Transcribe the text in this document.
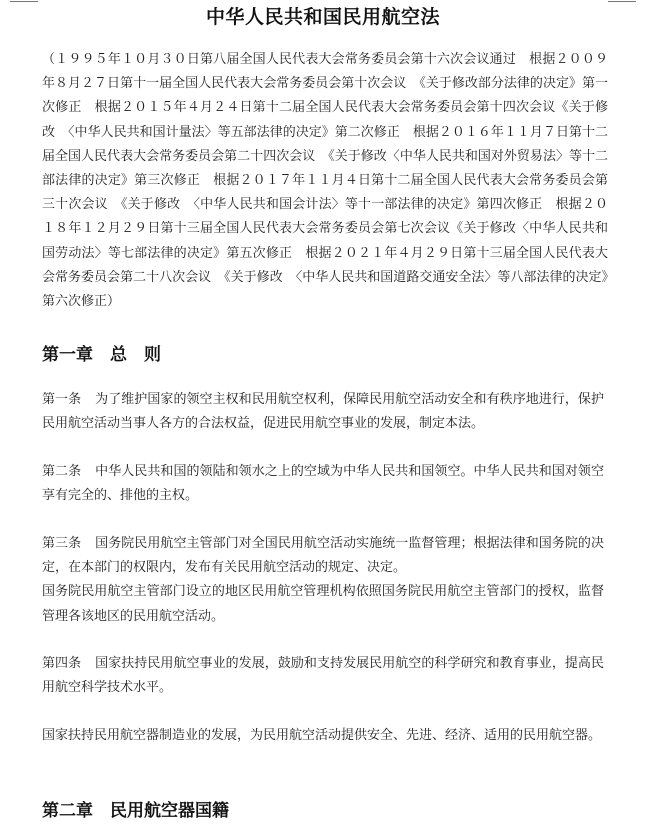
中华人民共和国民用航空法
（１９９５年１０月３０日第八届全国人民代表大会常务委员会第十六次会议通过　根据２００９年８月２７日第十一届全国人民代表大会常务委员会第十次会议　《关于修改部分法律的决定》第一次修正　根据２０１５年４月２４日第十二届全国人民代表大会常务委员会第十四次会议《关于修改　〈中华人民共和国计量法〉等五部法律的决定》第二次修正　根据２０１６年１１月７日第十二届全国人民代表大会常务委员会第二十四次会议　《关于修改〈中华人民共和国对外贸易法〉等十二部法律的决定》第三次修正　根据２０１７年１１月４日第十二届全国人民代表大会常务委员会第三十次会议　《关于修改　〈中华人民共和国会计法〉等十一部法律的决定》第四次修正　根据２０１８年１２月２９日第十三届全国人民代表大会常务委员会第七次会议《关于修改〈中华人民共和国劳动法〉等七部法律的决定》第五次修正　根据２０２１年４月２９日第十三届全国人民代表大会常务委员会第二十八次会议　《关于修改　〈中华人民共和国道路交通安全法〉等八部法律的决定》第六次修正）
第一章　总　则

第一条 为了维护国家的领空主权和民用航空权利，保障民用航空活动安全和有秩序地进行，保护民用航空活动当事人各方的合法权益，促进民用航空事业的发展，制定本法。

第二条 中华人民共和国的领陆和领水之上的空域为中华人民共和国领空。中华人民共和国对领空　享有完全的、排他的主权。

第三条 国务院民用航空主管部门对全国民用航空活动实施统一监督管理；根据法律和国务院的决定，在本部门的权限内，发布有关民用航空活动的规定、决定。

国务院民用航空主管部门设立的地区民用航空管理机构依照国务院民用航空主管部门的授权，监督管理各该地区的民用航空活动。

第四条 国家扶持民用航空事业的发展，鼓励和支持发展民用航空的科学研究和教育事业，提高民用航空科学技术水平。

国家扶持民用航空器制造业的发展，为民用航空活动提供安全、先进、经济、适用的民用航空器。

第二章　民用航空器国籍
